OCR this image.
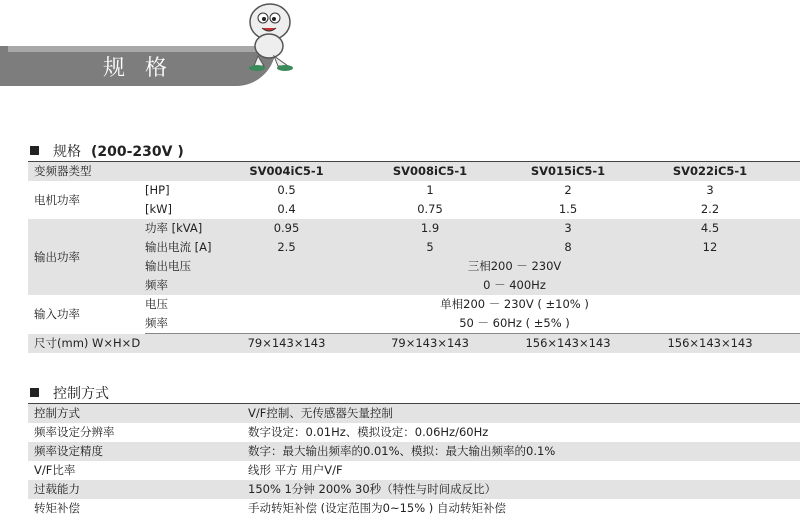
规格
规格 (200-230V )
变频器类型		SV004iC5-1	SV008iC5-1	SV015iC5-1	SV022iC5-1
电机功率	[HP]	0.5	1	2	3
	[kW]	0.4	0.75	1.5	2.2
输出功率	功率 [kVA]	0.95	1.9	3	4.5
	输出电流 [A]	2.5	5	8	12
	输出电压	三相200 － 230V			
	频率	0 － 400Hz			
输入功率	电压	单相200 － 230V ( ±10% )			
	频率	50 － 60Hz ( ±5% )			
尺寸(mm) W×H×D		79×143×143	79×143×143	156×143×143	156×143×143
控制方式
控制方式	V/F控制、无传感器矢量控制
频率设定分辨率	数字设定：0.01Hz、模拟设定：0.06Hz/60Hz
频率设定精度	数字：最大输出频率的0.01%、模拟：最大输出频率的0.1%
V/F比率	线形 平方 用户V/F
过载能力	150% 1分钟 200% 30秒（特性与时间成反比）
转矩补偿	手动转矩补偿 (设定范围为0~15% ) 自动转矩补偿
